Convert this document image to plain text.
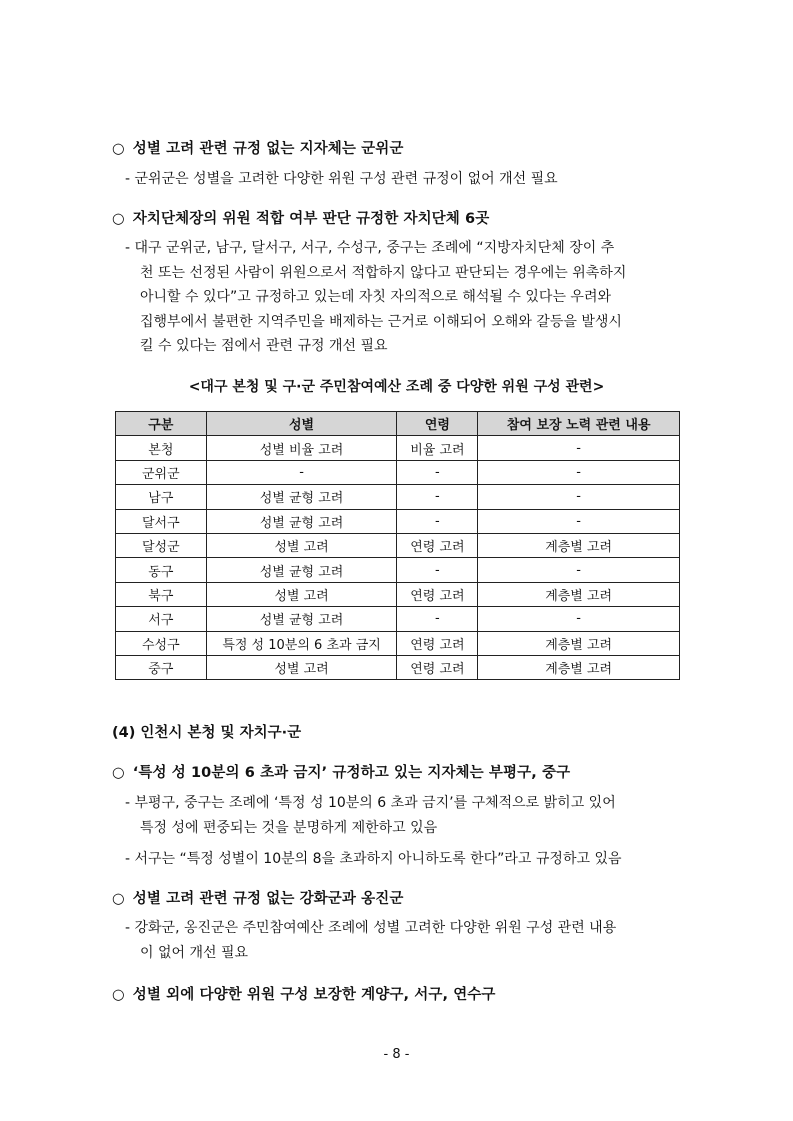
○ 성별 고려 관련 규정 없는 지자체는 군위군
- 군위군은 성별을 고려한 다양한 위원 구성 관련 규정이 없어 개선 필요
○ 자치단체장의 위원 적합 여부 판단 규정한 자치단체 6곳
- 대구 군위군, 남구, 달서구, 서구, 수성구, 중구는 조례에 “지방자치단체 장이 추
천 또는 선정된 사람이 위원으로서 적합하지 않다고 판단되는 경우에는 위촉하지
아니할 수 있다”고 규정하고 있는데 자칫 자의적으로 해석될 수 있다는 우려와
집행부에서 불편한 지역주민을 배제하는 근거로 이해되어 오해와 갈등을 발생시
킬 수 있다는 점에서 관련 규정 개선 필요
<대구 본청 및 구·군 주민참여예산 조례 중 다양한 위원 구성 관련>
구분	성별	연령	참여 보장 노력 관련 내용
본청	성별 비율 고려	비율 고려	-
군위군	-	-	-
남구	성별 균형 고려	-	-
달서구	성별 균형 고려	-	-
달성군	성별 고려	연령 고려	계층별 고려
동구	성별 균형 고려	-	-
북구	성별 고려	연령 고려	계층별 고려
서구	성별 균형 고려	-	-
수성구	특정 성 10분의 6 초과 금지	연령 고려	계층별 고려
중구	성별 고려	연령 고려	계층별 고려
(4) 인천시 본청 및 자치구·군
○ ‘특성 성 10분의 6 초과 금지’ 규정하고 있는 지자체는 부평구, 중구
- 부평구, 중구는 조례에 ‘특정 성 10분의 6 초과 금지’를 구체적으로 밝히고 있어
특정 성에 편중되는 것을 분명하게 제한하고 있음
- 서구는 “특정 성별이 10분의 8을 초과하지 아니하도록 한다”라고 규정하고 있음
○ 성별 고려 관련 규정 없는 강화군과 옹진군
- 강화군, 옹진군은 주민참여예산 조례에 성별 고려한 다양한 위원 구성 관련 내용
이 없어 개선 필요
○ 성별 외에 다양한 위원 구성 보장한 계양구, 서구, 연수구
- 8 -
